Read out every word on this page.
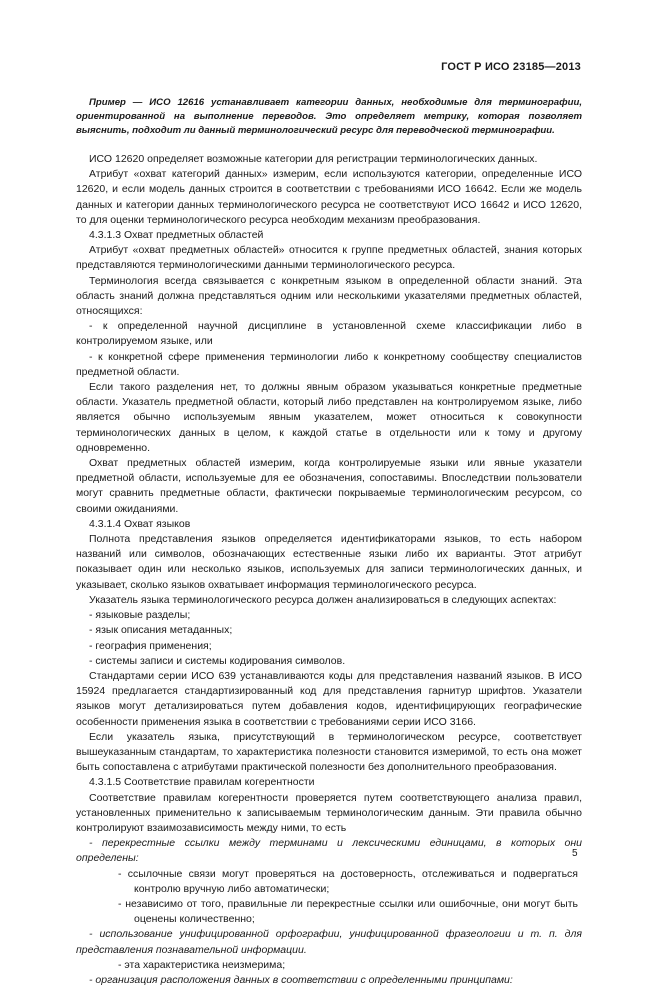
ГОСТ Р ИСО 23185—2013

Пример — ИСО 12616 устанавливает категории данных, необходимые для терминографии, ориентированной на выполнение переводов. Это определяет метрику, которая позволяет выяснить, подходит ли данный терминологический ресурс для переводческой терминографии.

ИСО 12620 определяет возможные категории для регистрации терминологических данных.

Атрибут «охват категорий данных» измерим, если используются категории, определенные ИСО 12620, и если модель данных строится в соответствии с требованиями ИСО 16642. Если же модель данных и категории данных терминологического ресурса не соответствуют ИСО 16642 и ИСО 12620, то для оценки терминологического ресурса необходим механизм преобразования.

4.3.1.3 Охват предметных областей

Атрибут «охват предметных областей» относится к группе предметных областей, знания которых представляются терминологическими данными терминологического ресурса.

Терминология всегда связывается с конкретным языком в определенной области знаний. Эта область знаний должна представляться одним или несколькими указателями предметных областей, относящихся:

- к определенной научной дисциплине в установленной схеме классификации либо в контролируемом языке, или

- к конкретной сфере применения терминологии либо к конкретному сообществу специалистов предметной области.

Если такого разделения нет, то должны явным образом указываться конкретные предметные области. Указатель предметной области, который либо представлен на контролируемом языке, либо является обычно используемым явным указателем, может относиться к совокупности терминологических данных в целом, к каждой статье в отдельности или к тому и другому одновременно.

Охват предметных областей измерим, когда контролируемые языки или явные указатели предметной области, используемые для ее обозначения, сопоставимы. Впоследствии пользователи могут сравнить предметные области, фактически покрываемые терминологическим ресурсом, со своими ожиданиями.

4.3.1.4 Охват языков

Полнота представления языков определяется идентификаторами языков, то есть набором названий или символов, обозначающих естественные языки либо их варианты. Этот атрибут показывает один или несколько языков, используемых для записи терминологических данных, и указывает, сколько языков охватывает информация терминологического ресурса.

Указатель языка терминологического ресурса должен анализироваться в следующих аспектах:

- языковые разделы;

- язык описания метаданных;

- география применения;

- системы записи и системы кодирования символов.

Стандартами серии ИСО 639 устанавливаются коды для представления названий языков. В ИСО 15924 предлагается стандартизированный код для представления гарнитур шрифтов. Указатели языков могут детализироваться путем добавления кодов, идентифицирующих географические особенности применения языка в соответствии с требованиями серии ИСО 3166.

Если указатель языка, присутствующий в терминологическом ресурсе, соответствует вышеуказанным стандартам, то характеристика полезности становится измеримой, то есть она может быть сопоставлена с атрибутами практической полезности без дополнительного преобразования.

4.3.1.5 Соответствие правилам когерентности

Соответствие правилам когерентности проверяется путем соответствующего анализа правил, установленных применительно к записываемым терминологическим данным. Эти правила обычно контролируют взаимозависимость между ними, то есть

- перекрестные ссылки между терминами и лексическими единицами, в которых они определены:

- ссылочные связи могут проверяться на достоверность, отслеживаться и подвергаться контролю вручную либо автоматически;

- независимо от того, правильные ли перекрестные ссылки или ошибочные, они могут быть оценены количественно;

- использование унифицированной орфографии, унифицированной фразеологии и т. п. для представления познавательной информации.

- эта характеристика неизмерима;

- организация расположения данных в соответствии с определенными принципами:

5
